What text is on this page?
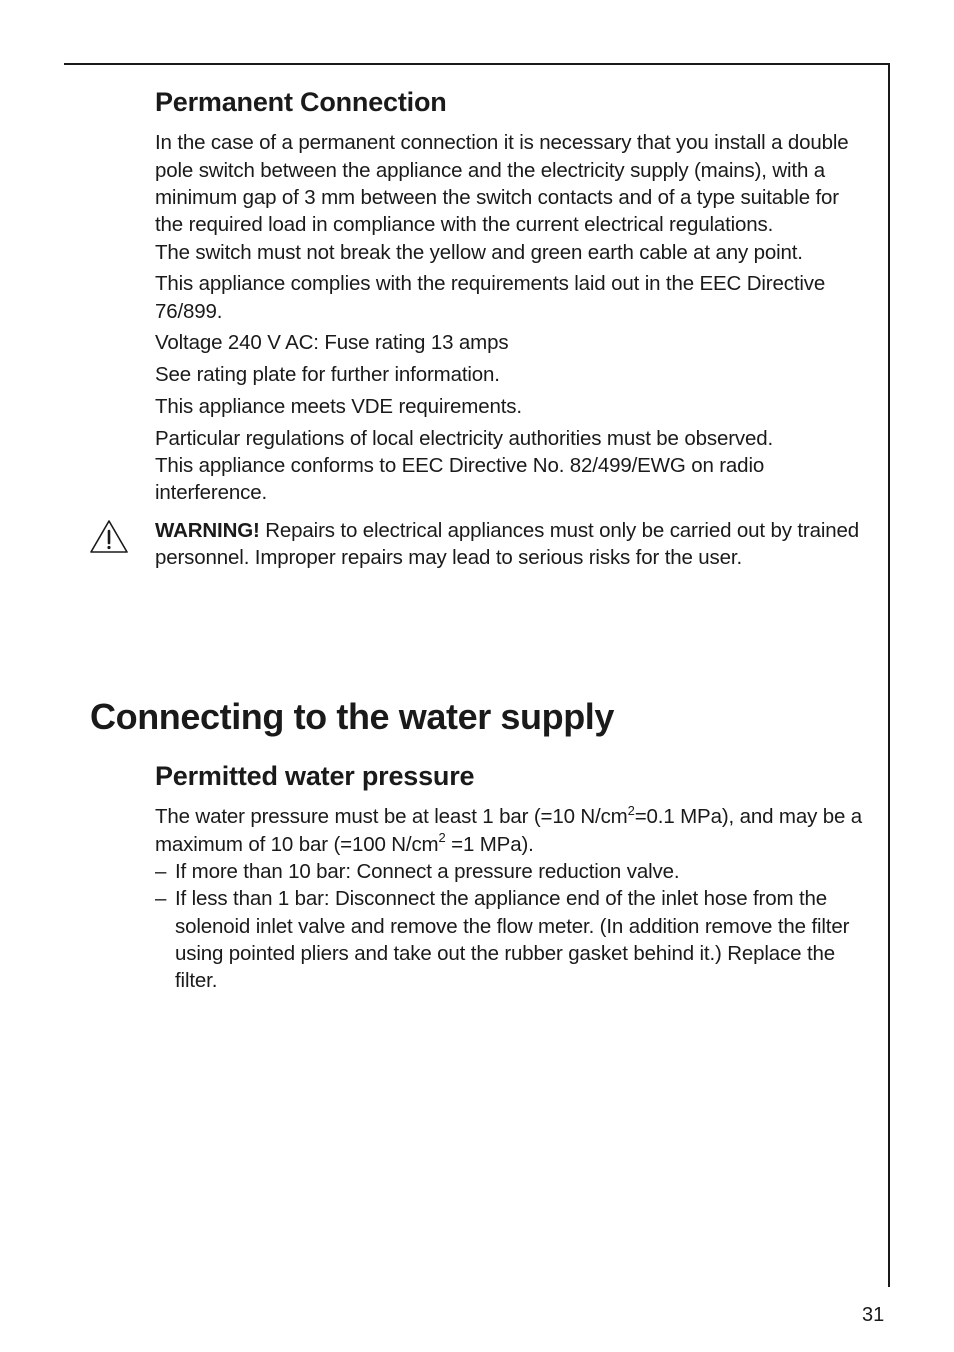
Permanent Connection

In the case of a permanent connection it is necessary that you install a double pole switch between the appliance and the electricity supply (mains), with a minimum gap of 3 mm between the switch contacts and of a type suitable for the required load in compliance with the current electrical regulations.

The switch must not break the yellow and green earth cable at any point.

This appliance complies with the requirements laid out in the EEC Directive 76/899.

Voltage 240 V AC: Fuse rating 13 amps

See rating plate for further information.

This appliance meets VDE requirements.

Particular regulations of local electricity authorities must be observed.

This appliance conforms to EEC Directive No. 82/499/EWG on radio interference.

WARNING! Repairs to electrical appliances must only be carried out by trained personnel. Improper repairs may lead to serious risks for the user.

Connecting to the water supply
Permitted water pressure

The water pressure must be at least 1 bar (=10 $N/cm^2=0.1$ MPa), and may be a maximum of 10 bar (=100 $N/cm^2 =1$ MPa).

– If more than 10 bar: Connect a pressure reduction valve.
– If less than 1 bar: Disconnect the appliance end of the inlet hose from the solenoid inlet valve and remove the flow meter. (In addition remove the filter using pointed pliers and take out the rubber gasket behind it.) Replace the filter.
31
